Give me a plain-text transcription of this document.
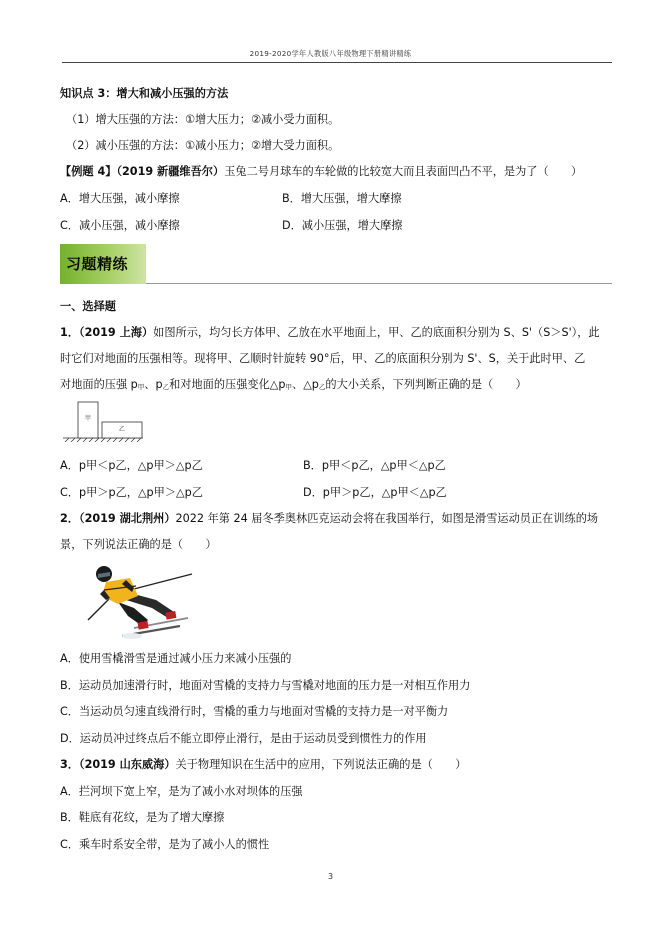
2019-2020学年人教版八年级物理下册精讲精练
知识点 3：增大和减小压强的方法
（1）增大压强的方法：①增大压力；②减小受力面积。
（2）减小压强的方法：①减小压力；②增大受力面积。
【例题 4】（2019 新疆维吾尔）玉兔二号月球车的车轮做的比较宽大而且表面凹凸不平，是为了（　　）
A．增大压强，减小摩擦	B．增大压强，增大摩擦
C．减小压强，减小摩擦	D．减小压强，增大摩擦
习题精练
一、选择题
1．（2019 上海）如图所示，均匀长方体甲、乙放在水平地面上，甲、乙的底面积分别为 S、S'（S＞S'），此
时它们对地面的压强相等。现将甲、乙顺时针旋转 90°后，甲、乙的底面积分别为 S'、S，关于此时甲、乙
对地面的压强 $p_甲$、$p_乙$和对地面的压强变化$\triangle p_甲$、$\triangle p_乙$的大小关系，下列判断正确的是（　　）
甲
乙
A．p甲＜p乙，△p甲＞△p乙	B．p甲＜p乙，△p甲＜△p乙
C．p甲＞p乙，△p甲＞△p乙	D．p甲＞p乙，△p甲＜△p乙
2．（2019 湖北荆州）2022 年第 24 届冬季奥林匹克运动会将在我国举行，如图是滑雪运动员正在训练的场
景，下列说法正确的是（　　）
A．使用雪橇滑雪是通过减小压力来减小压强的
B．运动员加速滑行时，地面对雪橇的支持力与雪橇对地面的压力是一对相互作用力
C．当运动员匀速直线滑行时，雪橇的重力与地面对雪橇的支持力是一对平衡力
D．运动员冲过终点后不能立即停止滑行，是由于运动员受到惯性力的作用
3．（2019 山东威海）关于物理知识在生活中的应用，下列说法正确的是（　　）
A．拦河坝下宽上窄，是为了减小水对坝体的压强
B．鞋底有花纹，是为了增大摩擦
C．乘车时系安全带，是为了减小人的惯性
3
